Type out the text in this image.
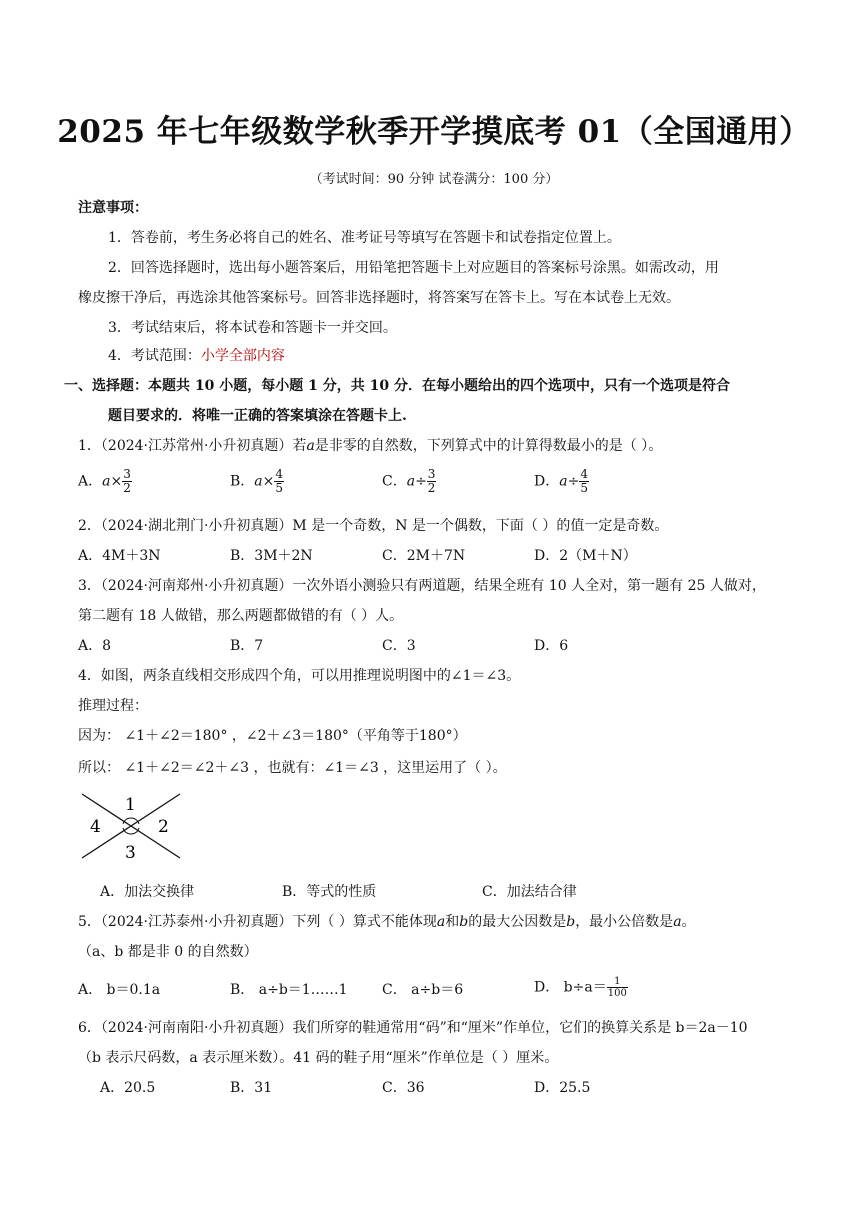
2025 年七年级数学秋季开学摸底考 01（全国通用）
（考试时间：90 分钟 试卷满分：100 分）
注意事项：
1．答卷前，考生务必将自己的姓名、准考证号等填写在答题卡和试卷指定位置上。
2．回答选择题时，选出每小题答案后，用铅笔把答题卡上对应题目的答案标号涂黑。如需改动，用
橡皮擦干净后，再选涂其他答案标号。回答非选择题时，将答案写在答卡上。写在本试卷上无效。
3．考试结束后，将本试卷和答题卡一并交回。
4．考试范围：小学全部内容
一、选择题：本题共 10 小题，每小题 1 分，共 10 分．在每小题给出的四个选项中，只有一个选项是符合
题目要求的．将唯一正确的答案填涂在答题卡上.
1．（2024·江苏常州·小升初真题）若a是非零的自然数，下列算式中的计算得数最小的是（ ）。
A．$a\times \frac{3}{2}$	B．$a\times \frac{4}{5}$	C．$a\div \frac{3}{2}$	D．$a\div \frac{4}{5}$
2．（2024·湖北荆门·小升初真题）M 是一个奇数，N 是一个偶数，下面（ ）的值一定是奇数。
A．4M＋3N	B．3M＋2N	C．2M＋7N	D．2（M＋N）
3．（2024·河南郑州·小升初真题）一次外语小测验只有两道题，结果全班有 10 人全对，第一题有 25 人做对，
第二题有 18 人做错，那么两题都做错的有（ ）人。
A．8	B．7	C．3	D．6
4．如图，两条直线相交形成四个角，可以用推理说明图中的∠1＝∠3。
推理过程：
因为： ∠1＋∠2＝180° ，∠2＋∠3＝180°（平角等于180°）
所以： ∠1＋∠2＝∠2＋∠3 ，也就有：∠1＝∠3 ，这里运用了（ ）。
1
2
3
4
A．加法交换律	B．等式的性质	C．加法结合律
5．（2024·江苏泰州·小升初真题）下列（ ）算式不能体现a和b的最大公因数是b，最小公倍数是a。
（a、b 都是非 0 的自然数）
A． b＝0.1a	B． a÷b＝1……1 C． a÷b＝6	D． $b\div a= \frac{1}{100}$
6．（2024·河南南阳·小升初真题）我们所穿的鞋通常用“码”和“厘米”作单位，它们的换算关系是 b＝2a－10
（b 表示尺码数，a 表示厘米数）。41 码的鞋子用“厘米”作单位是（ ）厘米。
A．20.5	B．31	C．36	D．25.5
